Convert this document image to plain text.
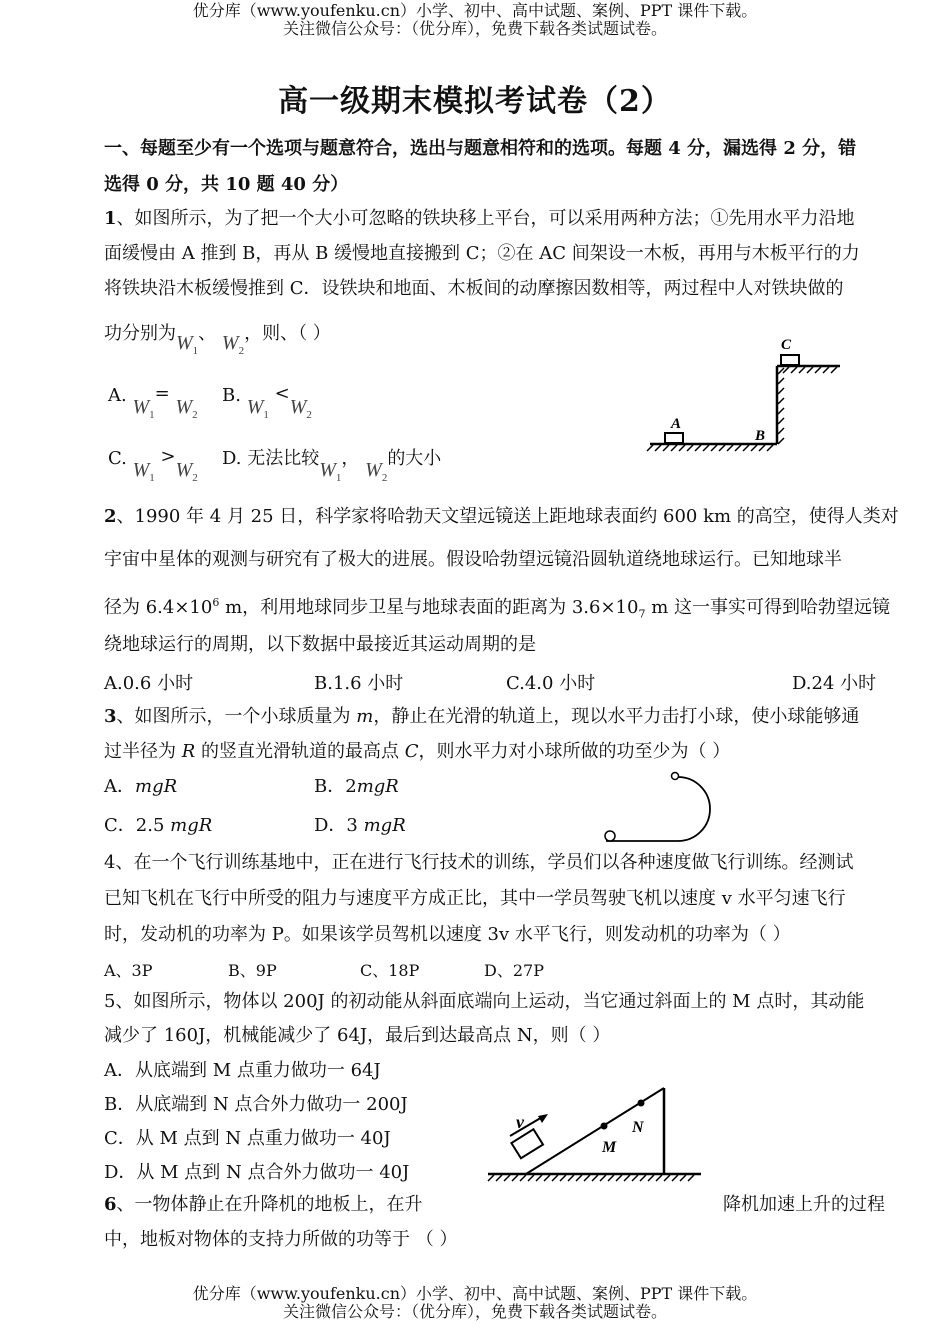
优分库（www.youfenku.cn）小学、初中、高中试题、案例、PPT 课件下载。
关注微信公众号：（优分库），免费下载各类试题试卷。
高一级期末模拟考试卷（2）
一、每题至少有一个选项与题意符合，选出与题意相符和的选项。每题 4 分，漏选得 2 分，错
选得 0 分，共 10 题 40 分）
1、如图所示，为了把一个大小可忽略的铁块移上平台，可以采用两种方法；①先用水平力沿地
面缓慢由 A 推到 B，再从 B 缓慢地直接搬到 C；②在 AC 间架设一木板，再用与木板平行的力
将铁块沿木板缓慢推到 C．设铁块和地面、木板间的动摩擦因数相等，两过程中人对铁块做的
功分别为$W_1$、 $W_2$，则、（ ）
A. $W_1= W_2$
B. $W_1 <W_2$
C. $W_1 >W_2$
D. 无法比较$W_1$， $W_2$的大小
A
B
C
2、1990 年 4 月 25 日，科学家将哈勃天文望远镜送上距地球表面约 600 km 的高空，使得人类对
宇宙中星体的观测与研究有了极大的进展。假设哈勃望远镜沿圆轨道绕地球运行。已知地球半
径为 $6.4\times 10^6$ m，利用地球同步卫星与地球表面的距离为 $3.6\times 10_7$ m 这一事实可得到哈勃望远镜
绕地球运行的周期，以下数据中最接近其运动周期的是
A.0.6 小时	B.1.6 小时	C.4.0 小时	D.24 小时
3、如图所示，一个小球质量为 m，静止在光滑的轨道上，现以水平力击打小球，使小球能够通
过半径为 R 的竖直光滑轨道的最高点 C，则水平力对小球所做的功至少为（ ）
A．mgR	B．2mgR
C．2.5 mgR	D．3 mgR
4、在一个飞行训练基地中，正在进行飞行技术的训练，学员们以各种速度做飞行训练。经测试
已知飞机在飞行中所受的阻力与速度平方成正比，其中一学员驾驶飞机以速度 v 水平匀速飞行
时，发动机的功率为 P。如果该学员驾机以速度 3v 水平飞行，则发动机的功率为（ ）
A、3P	B、9P	C、18P	D、27P
5、如图所示，物体以 200J 的初动能从斜面底端向上运动，当它通过斜面上的 M 点时，其动能
减少了 160J，机械能减少了 64J，最后到达最高点 N，则（ ）
A．从底端到 M 点重力做功一 64J
B．从底端到 N 点合外力做功一 200J
C．从 M 点到 N 点重力做功一 40J
D．从 M 点到 N 点合外力做功一 40J
v
M
N
6、一物体静止在升降机的地板上，在升	降机加速上升的过程
中，地板对物体的支持力所做的功等于 （ ）
优分库（www.youfenku.cn）小学、初中、高中试题、案例、PPT 课件下载。
关注微信公众号：（优分库），免费下载各类试题试卷。
